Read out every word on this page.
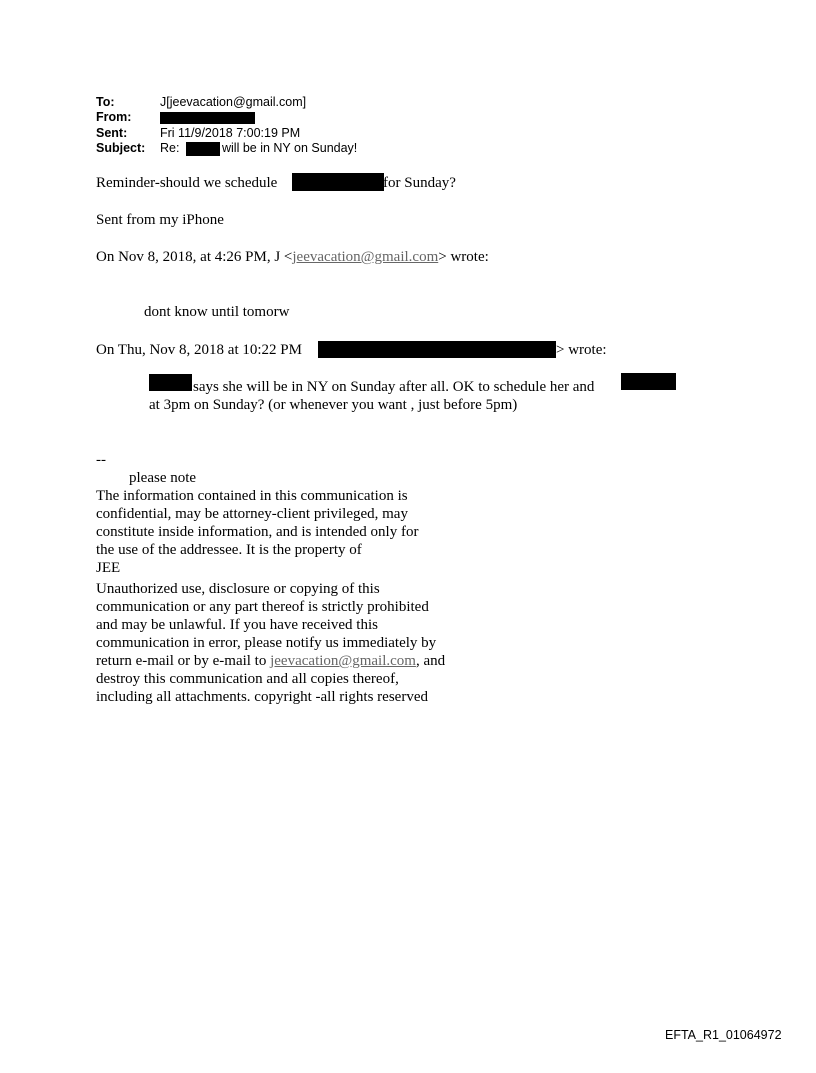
To:	J[jeevacation@gmail.com]
From:
Sent:	Fri 11/9/2018 7:00:19 PM
Subject: Re:	will be in NY on Sunday!
Reminder-should we schedule	for Sunday?
Sent from my iPhone
On Nov 8, 2018, at 4:26 PM, J <jeevacation@gmail.com> wrote:
dont know until tomorw
On Thu, Nov 8, 2018 at 10:22 PM	> wrote:
says she will be in NY on Sunday after all. OK to schedule her and
at 3pm on Sunday? (or whenever you want , just before 5pm)
--
please note
The information contained in this communication is
confidential, may be attorney-client privileged, may
constitute inside information, and is intended only for
the use of the addressee. It is the property of
JEE
Unauthorized use, disclosure or copying of this
communication or any part thereof is strictly prohibited
and may be unlawful. If you have received this
communication in error, please notify us immediately by
return e-mail or by e-mail to jeevacation@gmail.com, and
destroy this communication and all copies thereof,
including all attachments. copyright -all rights reserved
EFTA_R1_01064972
